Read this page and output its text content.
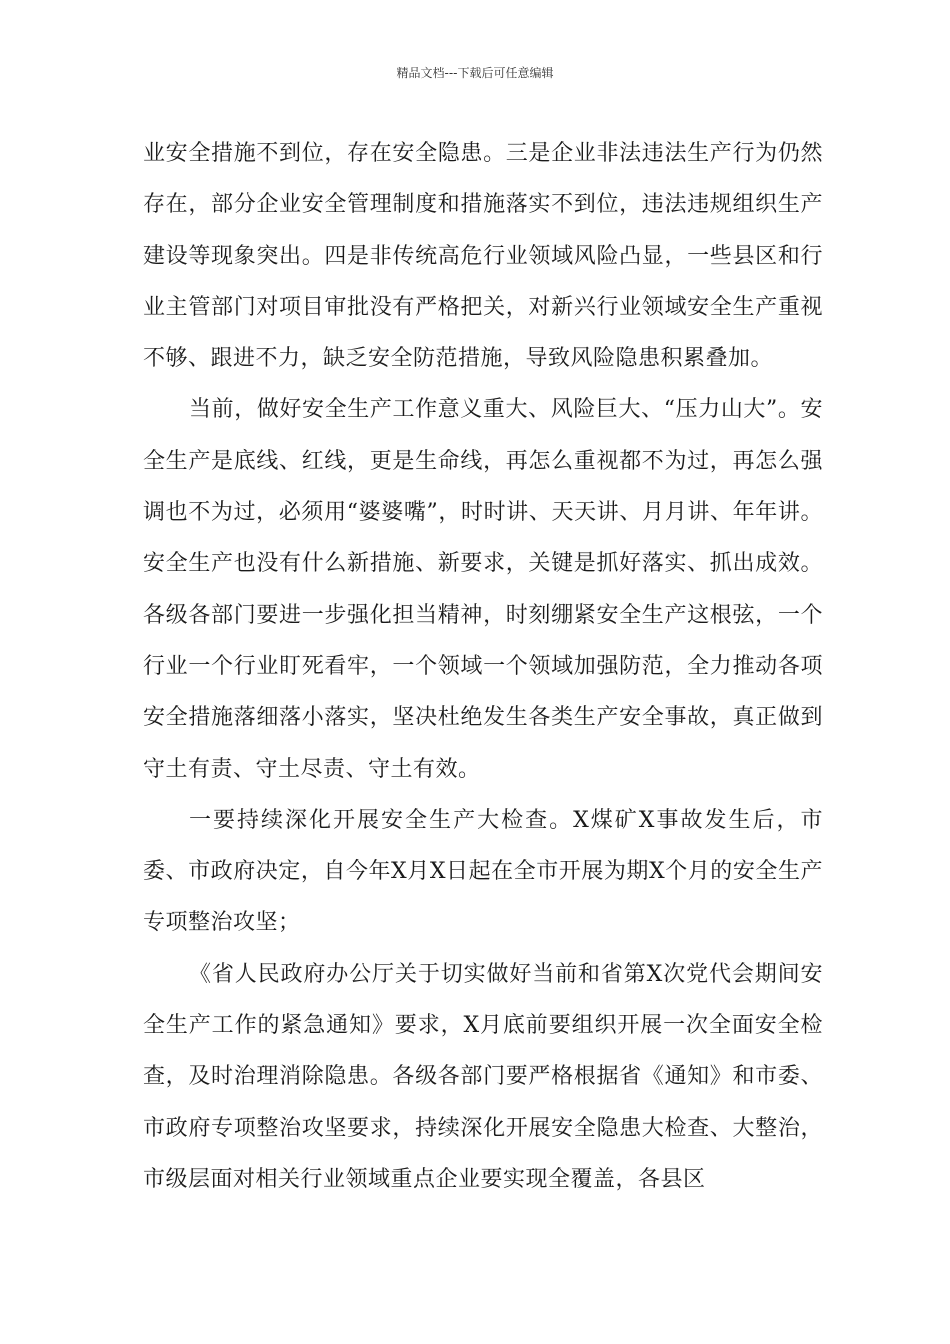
精品文档---下载后可任意编辑

业安全措施不到位，存在安全隐患。三是企业非法违法生产行为仍然存在，部分企业安全管理制度和措施落实不到位，违法违规组织生产建设等现象突出。四是非传统高危行业领域风险凸显，一些县区和行业主管部门对项目审批没有严格把关，对新兴行业领域安全生产重视不够、跟进不力，缺乏安全防范措施，导致风险隐患积累叠加。

当前，做好安全生产工作意义重大、风险巨大、“压力山大”。安全生产是底线、红线，更是生命线，再怎么重视都不为过，再怎么强调也不为过，必须用“婆婆嘴”，时时讲、天天讲、月月讲、年年讲。安全生产也没有什么新措施、新要求，关键是抓好落实、抓出成效。各级各部门要进一步强化担当精神，时刻绷紧安全生产这根弦，一个行业一个行业盯死看牢，一个领域一个领域加强防范，全力推动各项安全措施落细落小落实，坚决杜绝发生各类生产安全事故，真正做到守土有责、守土尽责、守土有效。

一要持续深化开展安全生产大检查。X煤矿X事故发生后，市委、市政府决定，自今年X月X日起在全市开展为期X个月的安全生产专项整治攻坚；

《省人民政府办公厅关于切实做好当前和省第X次党代会期间安全生产工作的紧急通知》要求，X月底前要组织开展一次全面安全检查，及时治理消除隐患。各级各部门要严格根据省《通知》和市委、市政府专项整治攻坚要求，持续深化开展安全隐患大检查、大整治，市级层面对相关行业领域重点企业要实现全覆盖，各县区
